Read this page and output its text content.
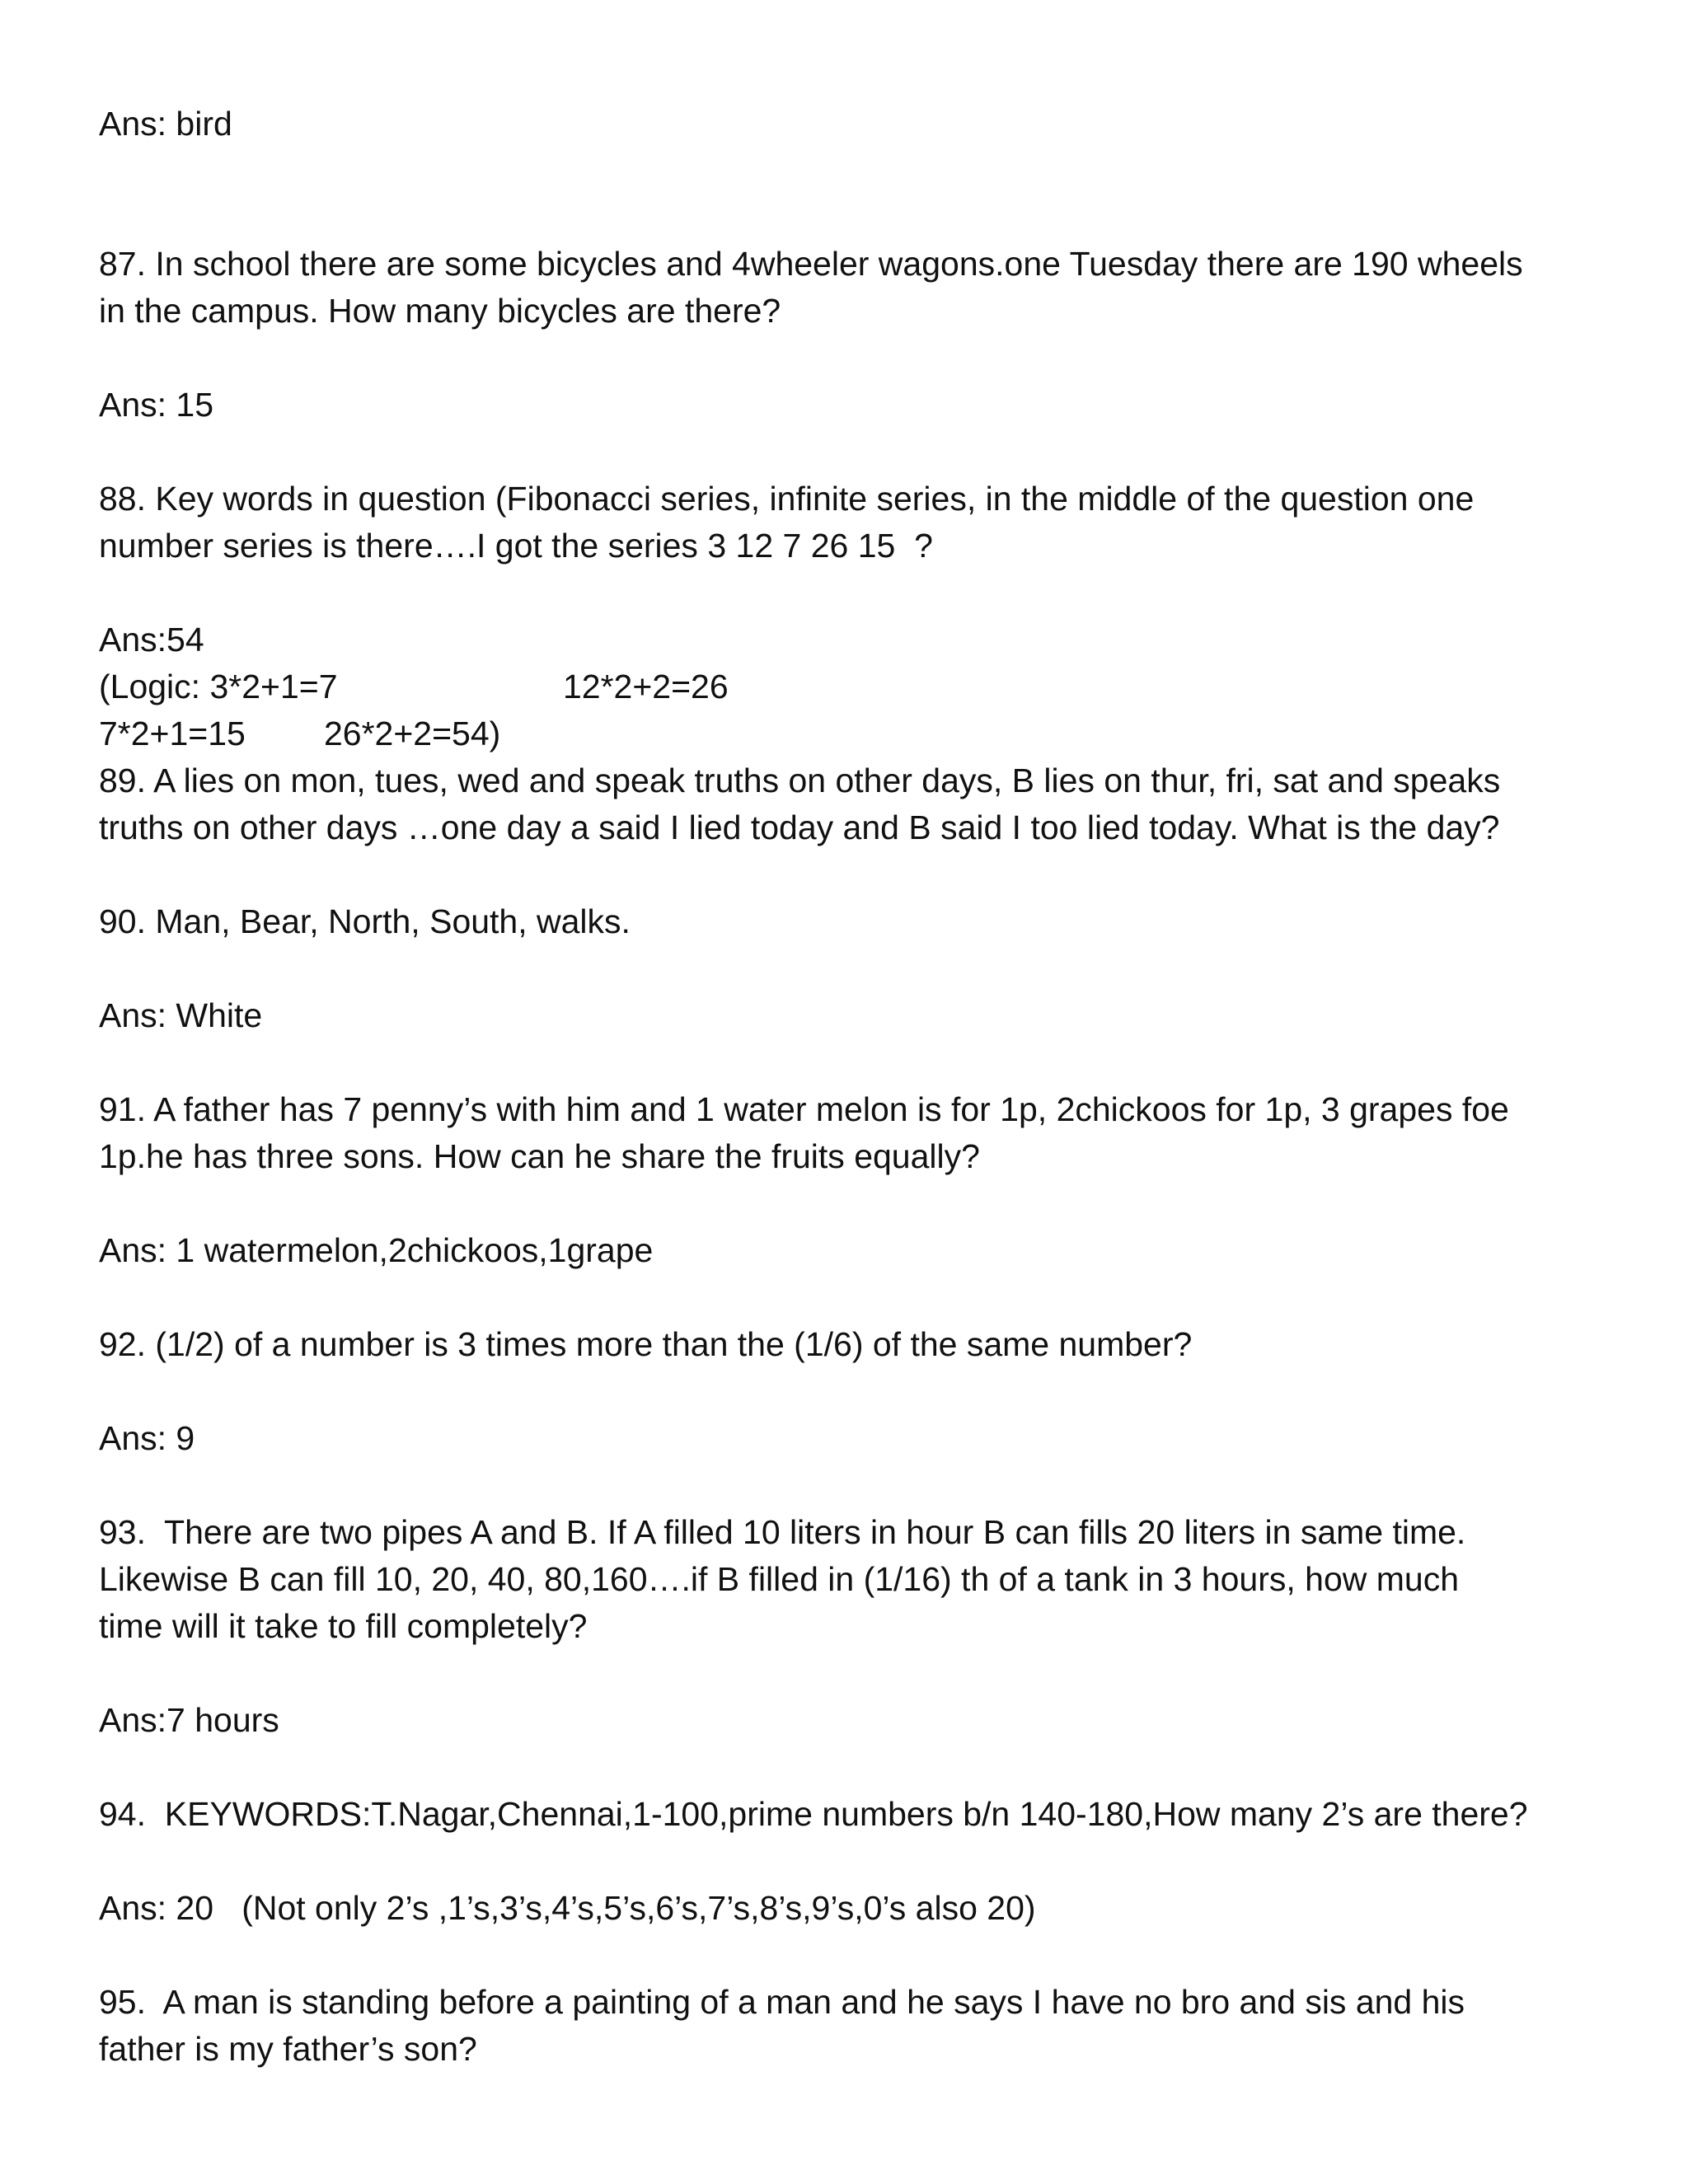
Ans: bird
87. In school there are some bicycles and 4wheeler wagons.one Tuesday there are 190 wheels
in the campus. How many bicycles are there?
Ans: 15
88. Key words in question (Fibonacci series, infinite series, in the middle of the question one
number series is there….I got the series 3 12 7 26 15  ?
Ans:54
(Logic: 3*2+1=7	12*2+2=26
7*2+1=15	26*2+2=54)
89. A lies on mon, tues, wed and speak truths on other days, B lies on thur, fri, sat and speaks
truths on other days …one day a said I lied today and B said I too lied today. What is the day?
90. Man, Bear, North, South, walks.
Ans: White
91. A father has 7 penny’s with him and 1 water melon is for 1p, 2chickoos for 1p, 3 grapes foe
1p.he has three sons. How can he share the fruits equally?
Ans: 1 watermelon,2chickoos,1grape
92. (1/2) of a number is 3 times more than the (1/6) of the same number?
Ans: 9
93.  There are two pipes A and B. If A filled 10 liters in hour B can fills 20 liters in same time.
Likewise B can fill 10, 20, 40, 80,160….if B filled in (1/16) th of a tank in 3 hours, how much
time will it take to fill completely?
Ans:7 hours
94.  KEYWORDS:T.Nagar,Chennai,1-100,prime numbers b/n 140-180,How many 2’s are there?
Ans: 20   (Not only 2’s ,1’s,3’s,4’s,5’s,6’s,7’s,8’s,9’s,0’s also 20)
95.  A man is standing before a painting of a man and he says I have no bro and sis and his
father is my father’s son?
